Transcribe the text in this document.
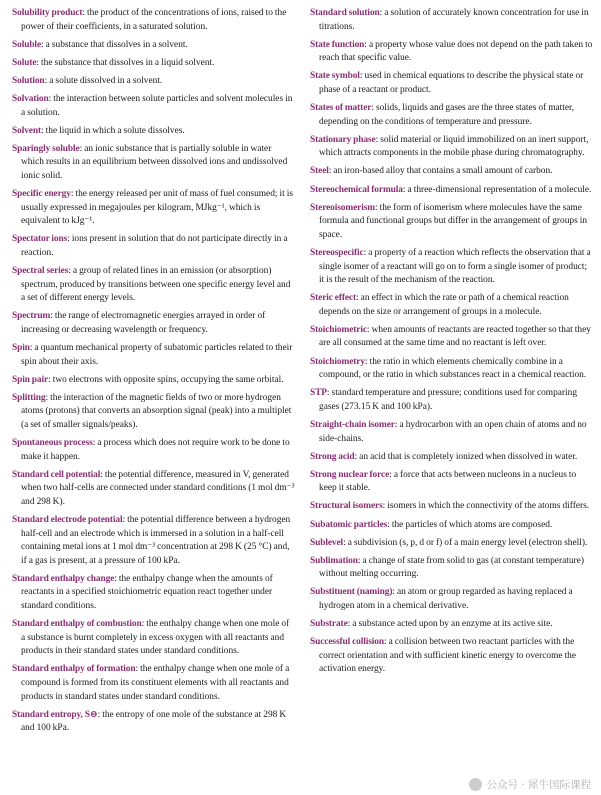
Solubility product: the product of the concentrations of ions, raised to the power of their coefficients, in a saturated solution.

Soluble: a substance that dissolves in a solvent.

Solute: the substance that dissolves in a liquid solvent.

Solution: a solute dissolved in a solvent.

Solvation: the interaction between solute particles and solvent molecules in a solution.

Solvent: the liquid in which a solute dissolves.

Sparingly soluble: an ionic substance that is partially soluble in water which results in an equilibrium between dissolved ions and undissolved ionic solid.

Specific energy: the energy released per unit of mass of fuel consumed; it is usually expressed in megajoules per kilogram, MJkg⁻¹, which is equivalent to kJg⁻¹.

Spectator ions: ions present in solution that do not participate directly in a reaction.

Spectral series: a group of related lines in an emission (or absorption) spectrum, produced by transitions between one specific energy level and a set of different energy levels.

Spectrum: the range of electromagnetic energies arrayed in order of increasing or decreasing wavelength or frequency.

Spin: a quantum mechanical property of subatomic particles related to their spin about their axis.

Spin pair: two electrons with opposite spins, occupying the same orbital.

Splitting: the interaction of the magnetic fields of two or more hydrogen atoms (protons) that converts an absorption signal (peak) into a multiplet (a set of smaller signals/peaks).

Spontaneous process: a process which does not require work to be done to make it happen.

Standard cell potential: the potential difference, measured in V, generated when two half-cells are connected under standard conditions (1 mol dm⁻³ and 298 K).

Standard electrode potential: the potential difference between a hydrogen half-cell and an electrode which is immersed in a solution in a half-cell containing metal ions at 1 mol dm⁻³ concentration at 298 K (25 °C) and, if a gas is present, at a pressure of 100 kPa.

Standard enthalpy change: the enthalpy change when the amounts of reactants in a specified stoichiometric equation react together under standard conditions.

Standard enthalpy of combustion: the enthalpy change when one mole of a substance is burnt completely in excess oxygen with all reactants and products in their standard states under standard conditions.

Standard enthalpy of formation: the enthalpy change when one mole of a compound is formed from its constituent elements with all reactants and products in standard states under standard conditions.

Standard entropy, S⊖: the entropy of one mole of the substance at 298 K and 100 kPa.

Standard solution: a solution of accurately known concentration for use in titrations.

State function: a property whose value does not depend on the path taken to reach that specific value.

State symbol: used in chemical equations to describe the physical state or phase of a reactant or product.

States of matter: solids, liquids and gases are the three states of matter, depending on the conditions of temperature and pressure.

Stationary phase: solid material or liquid immobilized on an inert support, which attracts components in the mobile phase during chromatography.

Steel: an iron-based alloy that contains a small amount of carbon.

Stereochemical formula: a three-dimensional representation of a molecule.

Stereoisomerism: the form of isomerism where molecules have the same formula and functional groups but differ in the arrangement of groups in space.

Stereospecific: a property of a reaction which reflects the observation that a single isomer of a reactant will go on to form a single isomer of product; it is the result of the mechanism of the reaction.

Steric effect: an effect in which the rate or path of a chemical reaction depends on the size or arrangement of groups in a molecule.

Stoichiometric: when amounts of reactants are reacted together so that they are all consumed at the same time and no reactant is left over.

Stoichiometry: the ratio in which elements chemically combine in a compound, or the ratio in which substances react in a chemical reaction.

STP: standard temperature and pressure; conditions used for comparing gases (273.15 K and 100 kPa).

Straight-chain isomer: a hydrocarbon with an open chain of atoms and no side-chains.

Strong acid: an acid that is completely ionized when dissolved in water.

Strong nuclear force: a force that acts between nucleons in a nucleus to keep it stable.

Structural isomers: isomers in which the connectivity of the atoms differs.

Subatomic particles: the particles of which atoms are composed.

Sublevel: a subdivision (s, p, d or f) of a main energy level (electron shell).

Sublimation: a change of state from solid to gas (at constant temperature) without melting occurring.

Substituent (naming): an atom or group regarded as having replaced a hydrogen atom in a chemical derivative.

Substrate: a substance acted upon by an enzyme at its active site.

Successful collision: a collision between two reactant particles with the correct orientation and with sufficient kinetic energy to overcome the activation energy.

公众号 · 犀牛国际课程
